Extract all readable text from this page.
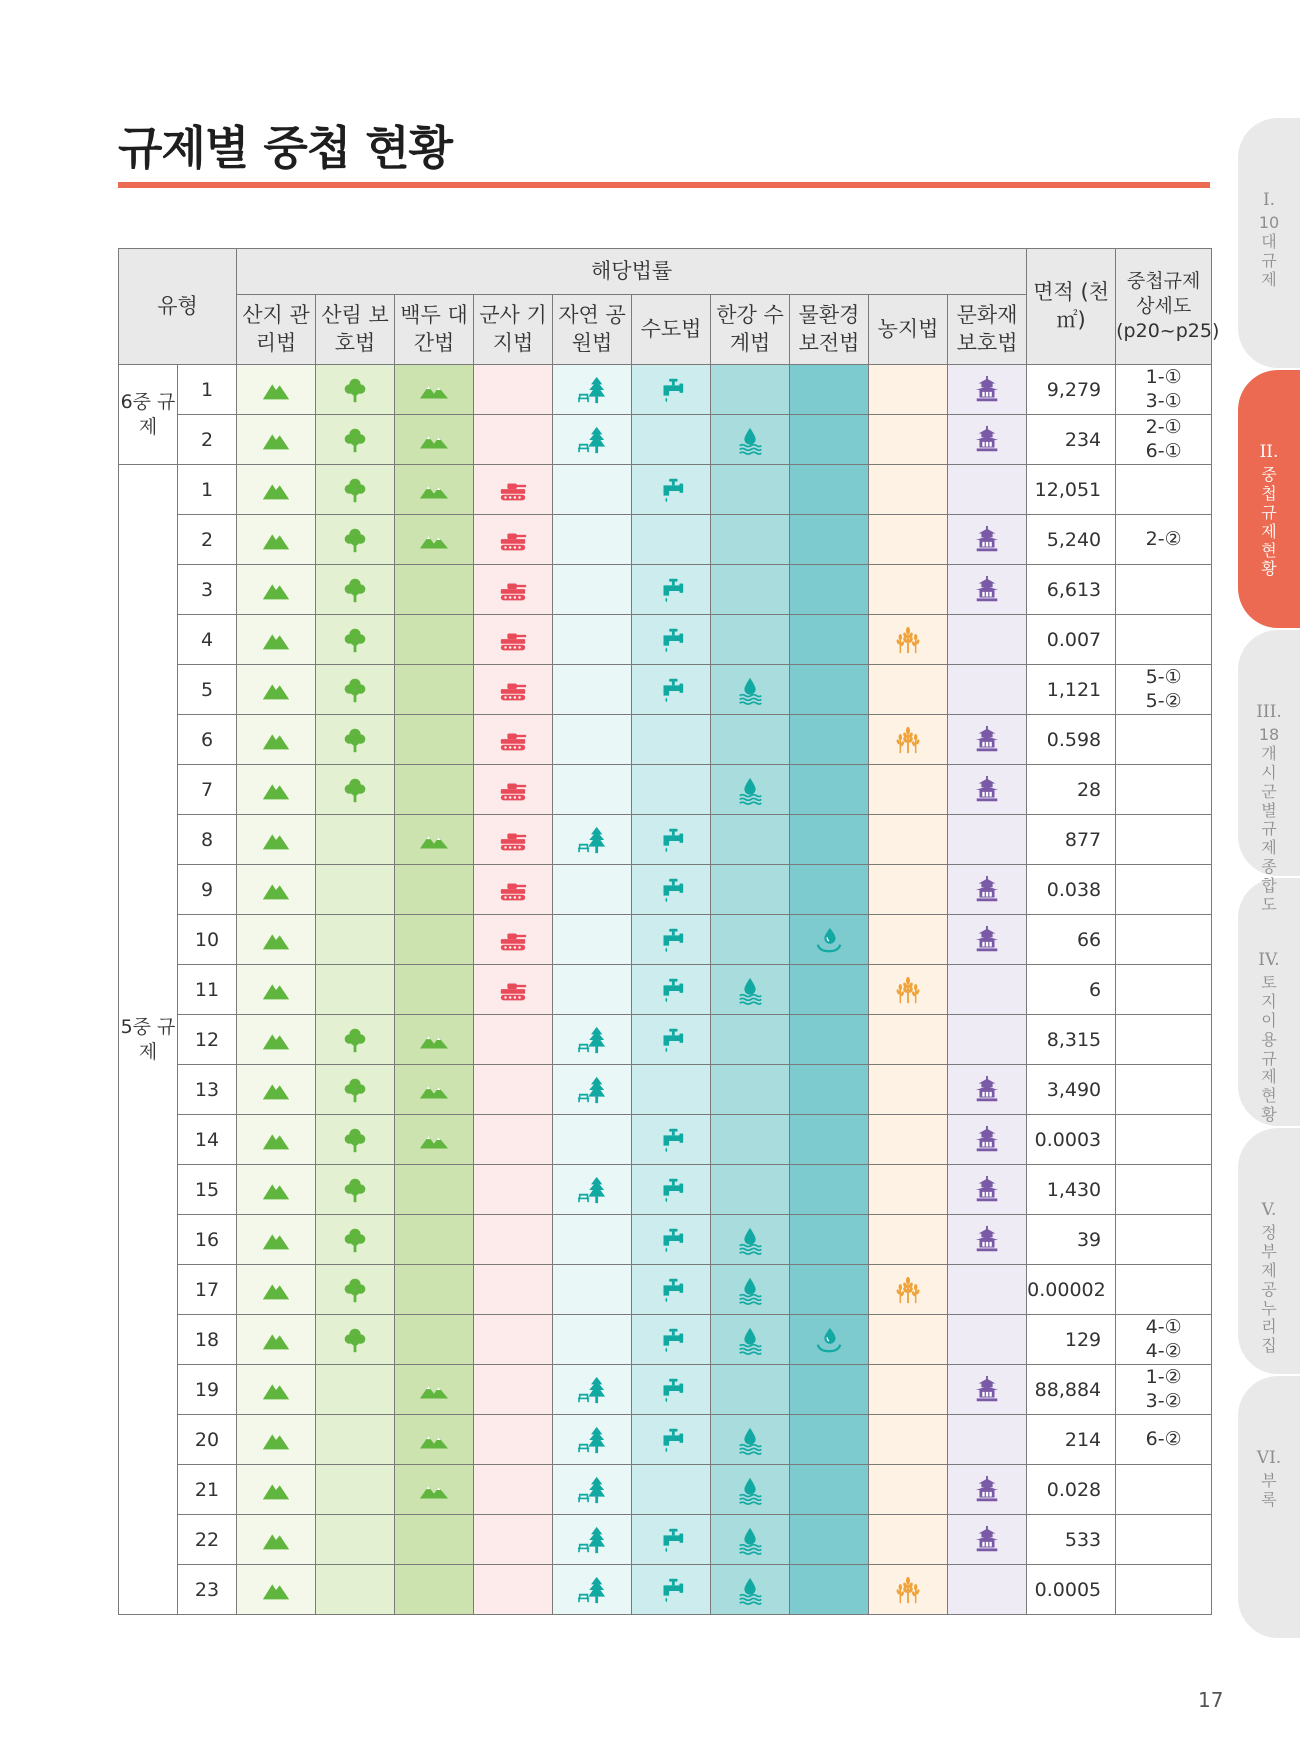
규제별 중첩 현황
유형		해당법률										면적 (천㎡)	중첩규제 상세도 (p20~p25)
		산지 관리법	산림 보호법	백두 대간법	군사 기지법	자연 공원법	수도법	한강 수계법	물환경 보전법	농지법	문화재 보호법		
6중 규제	1											9,279	1-①
3-①

	2											234	2-①
6-①

5중 규제	1											12,051	
	2											5,240	2-②

	3											6,613	
	4											0.007	
	5											1,121	5-①
5-②

	6											0.598	
	7											28	
	8											877	
	9											0.038	
	10											66	
	11											6	
	12											8,315	
	13											3,490	
	14											0.0003	
	15											1,430	
	16											39	
	17											0.00002	
	18											129	4-①
4-②

	19											88,884	1-②
3-②

	20											214	6-②

	21											0.028	
	22											533	
	23											0.0005	
I.
10대 규제
II.
중첩규제현황
III.
18개 시군별 규제종합도
IV.
토지이용규제 현황
V.
정부제공 누리집
VI.
부록
17
